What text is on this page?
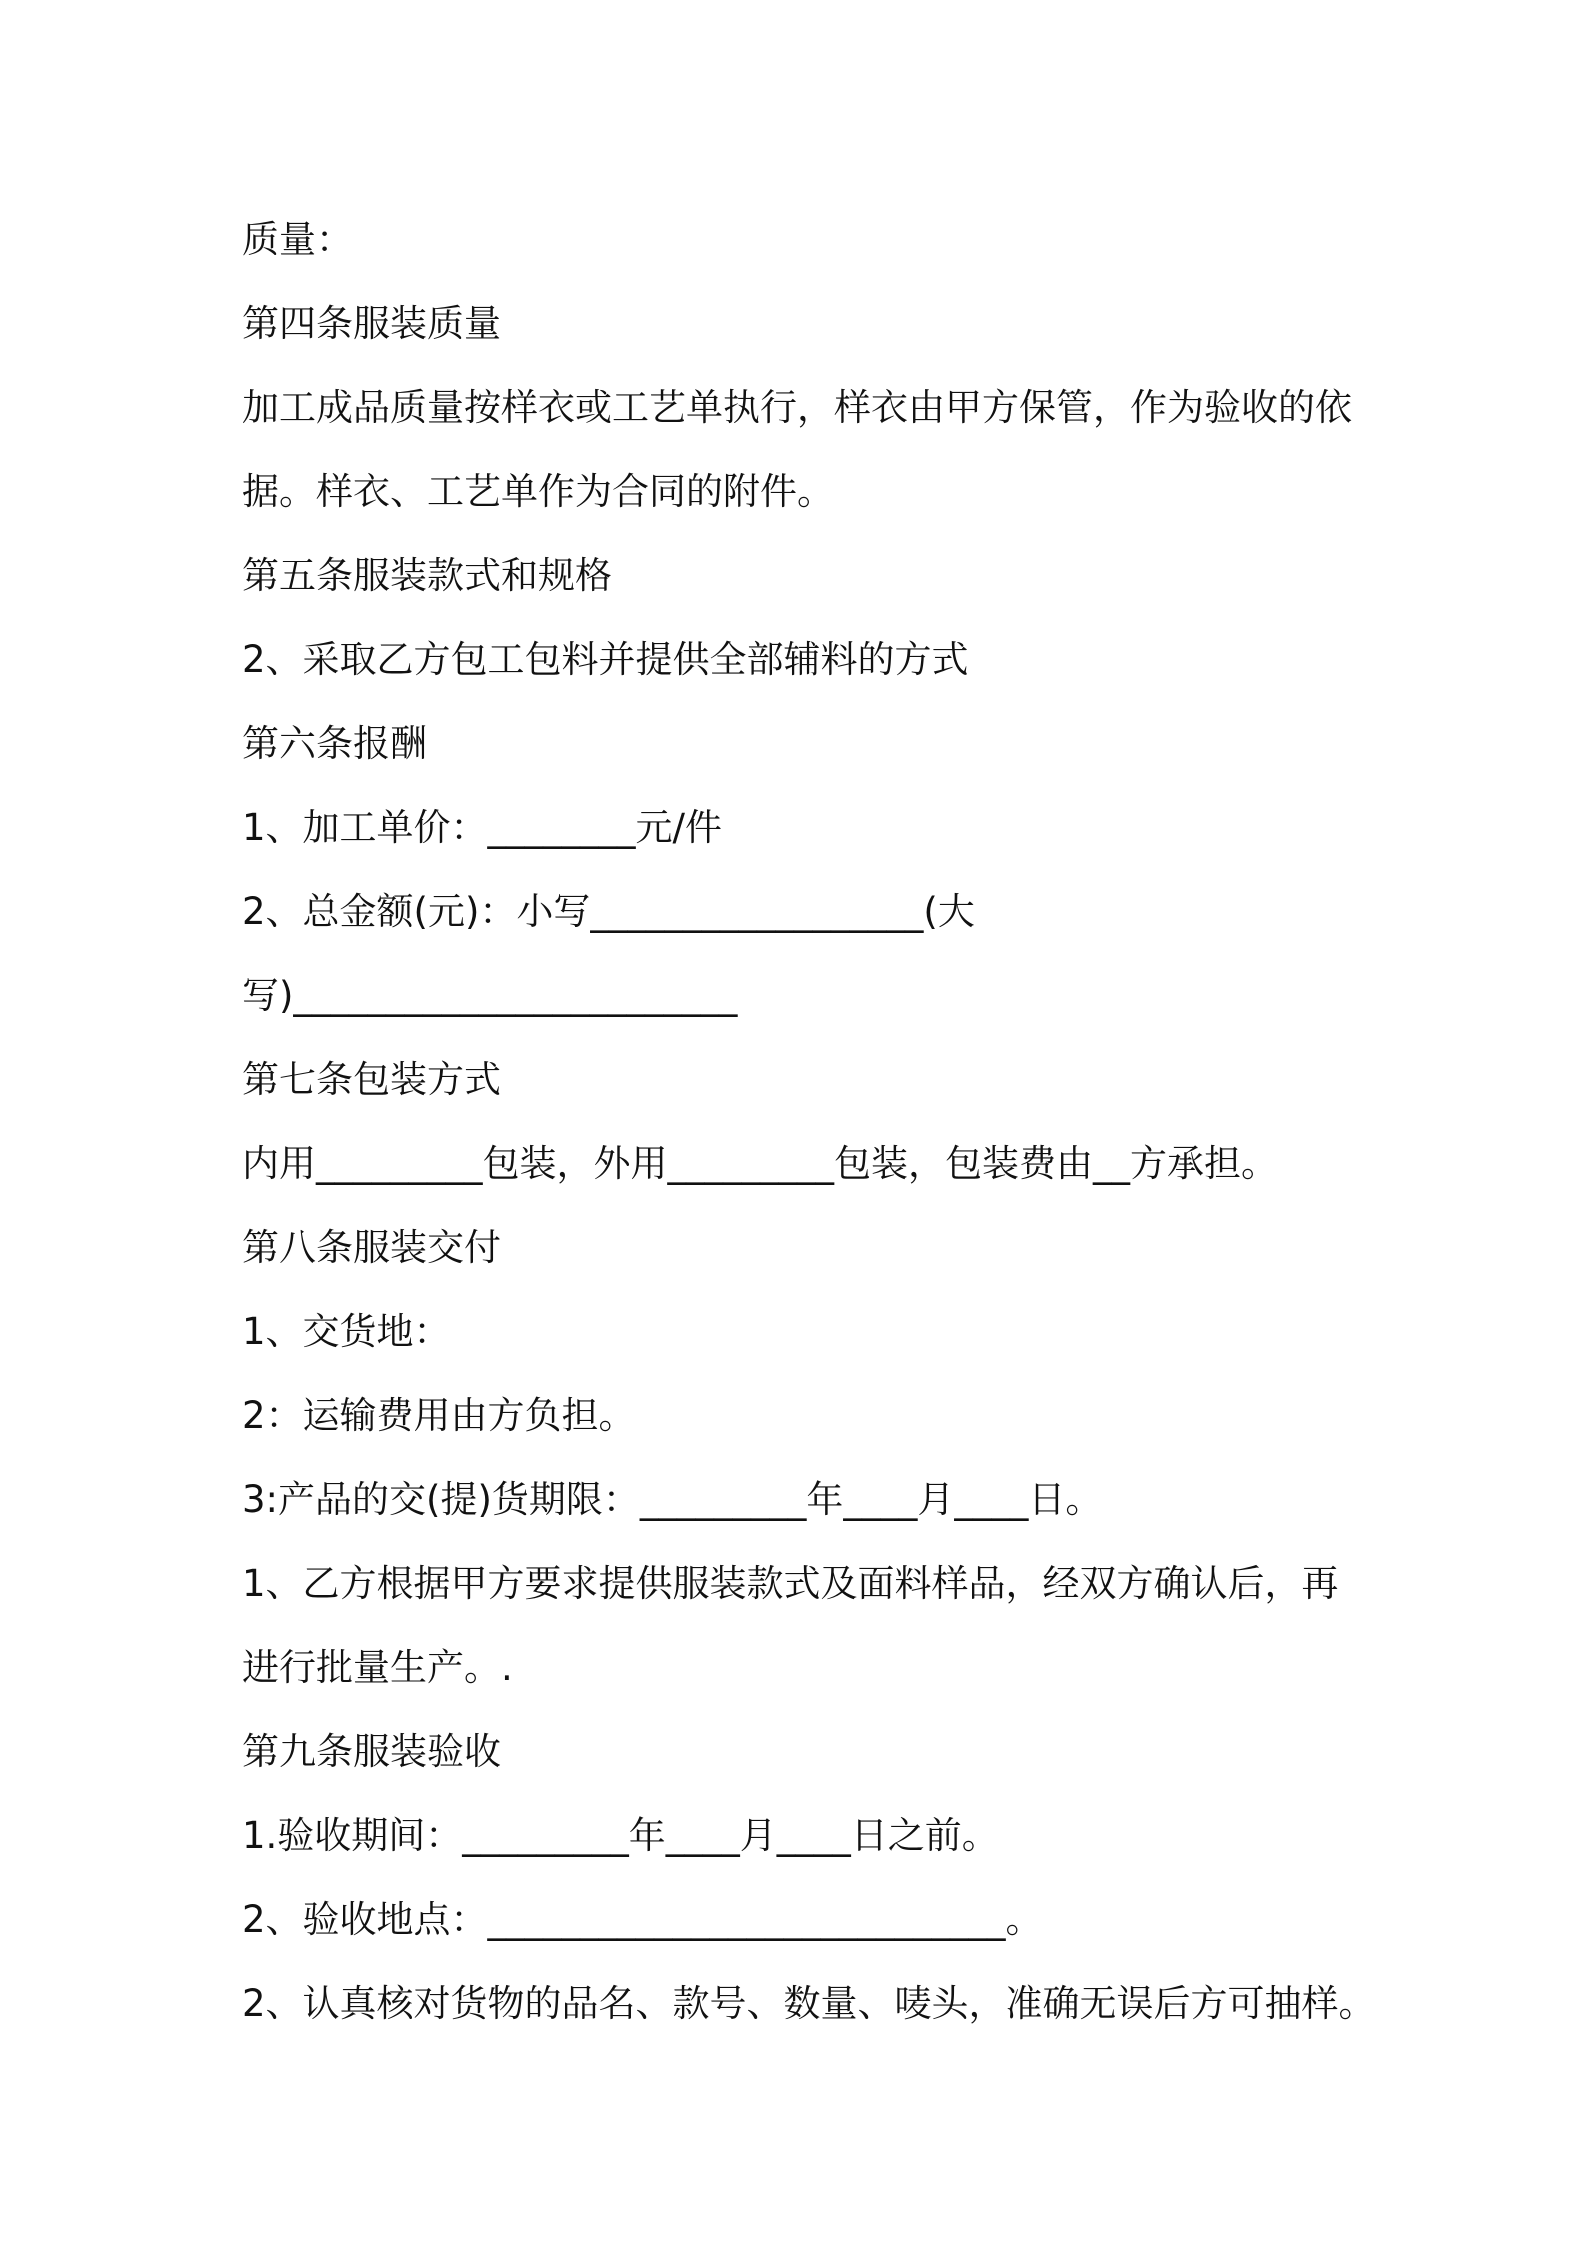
质量：
第四条服装质量
加工成品质量按样衣或工艺单执行，样衣由甲方保管，作为验收的依
据。样衣、工艺单作为合同的附件。
第五条服装款式和规格
2、采取乙方包工包料并提供全部辅料的方式
第六条报酬
1、加工单价：________元/件
2、总金额(元)：小写__________________(大
写)________________________
第七条包装方式
内用_________包装，外用_________包装，包装费由__方承担。
第八条服装交付
1、交货地：
2：运输费用由方负担。
3:产品的交(提)货期限：_________年____月____日。
1、乙方根据甲方要求提供服装款式及面料样品，经双方确认后，再
进行批量生产。.
第九条服装验收
1.验收期间：_________年____月____日之前。
2、验收地点：____________________________。
2、认真核对货物的品名、款号、数量、唛头，准确无误后方可抽样。
